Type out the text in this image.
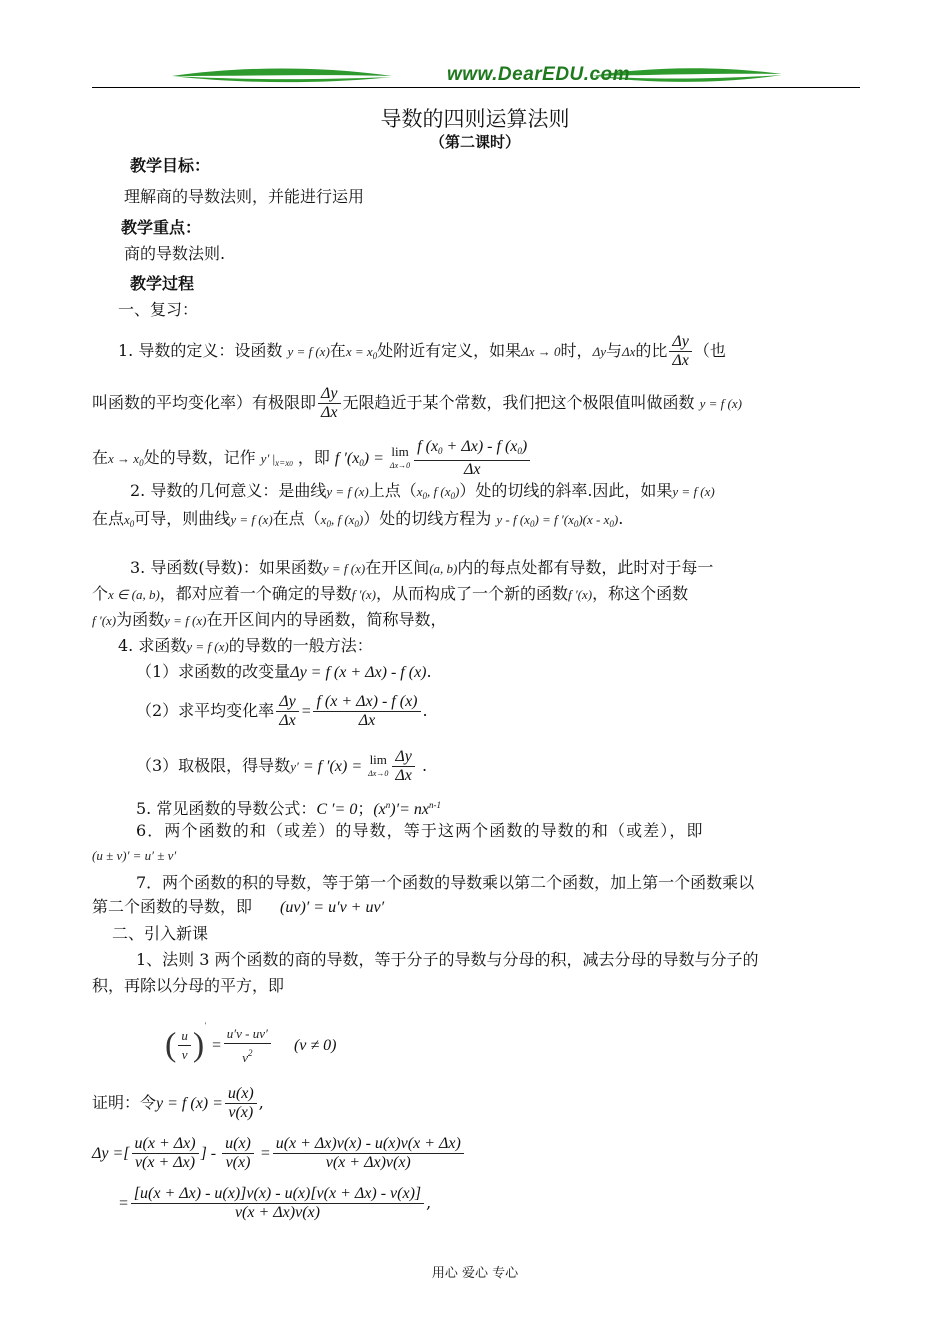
www.DearEDU.com
导数的四则运算法则
（第二课时）
教学目标：
理解商的导数法则，并能进行运用
教学重点：
商的导数法则.
教学过程
一、复习：
1. 导数的定义：设函数 y = f (x)在$x = x_0$处附近有定义，如果Δx → 0时，Δy与Δx的比 $\frac{\Delta y}{\Delta x}$ （也
叫函数的平均变化率）有极限即 $\frac{\Delta y}{\Delta x}$ 无限趋近于某个常数，我们把这个极限值叫做函数 y = f (x)
在$x \to x_0$处的导数，记作 y′ $|_{x=x0}$ ，即 f $'(x_0) = \lim$
$\Delta x\to 0 \frac{f (x_0 + \Delta x) - f (x_0)}{\Delta x}$
2. 导数的几何意义：是曲线y = f (x)上点（$x_0$, f $(x_0)$）处的切线的斜率.因此，如果y = f (x)
在点$x_0$可导，则曲线y = f (x)在点（$x_0$, f $(x_0)$）处的切线方程为 y - f $(x_0) = f$ $'(x_0)(x - x_0)$.
3. 导函数(导数)：如果函数y = f (x)在开区间(a, b)内的每点处都有导数，此时对于每一
个x ∈ (a, b)，都对应着一个确定的导数f ′(x)，从而构成了一个新的函数f ′(x)，称这个函数
f ′(x)为函数y = f (x)在开区间内的导函数，简称导数，
4. 求函数y = f (x)的导数的一般方法：
（1）求函数的改变量Δy = f (x + Δx) - f (x).
（2）求平均变化率 $\frac{\Delta y}{\Delta x} = \frac{f (x + \Delta x) - f (x)}{\Delta x}$ .
（3）取极限，得导数y′ = f ′(x) = lim
$\Delta x\to 0 \frac{\Delta y}{\Delta x}$ .
5. 常见函数的导数公式：C ′= 0；$(x^n)'= nx^{n-1}$
6．两个函数的和（或差）的导数，等于这两个函数的导数的和（或差），即
(u ± v)′ = u′ ± v′
7．两个函数的积的导数，等于第一个函数的导数乘以第二个函数，加上第一个函数乘以
第二个函数的导数，即 (uv)′ = u′v + uv′
二、引入新课
1、法则 3 两个函数的商的导数，等于分子的导数与分母的积，减去分母的导数与分子的
积，再除以分母的平方，即
( $\frac{u}{v} )' = \frac{u'v - uv'}{v^2} (v \ne 0)$
证明：令y = f $(x) = \frac{u(x)}{v(x)}$ ,
Δy =[ $\frac{u(x + \Delta x)}{v(x + \Delta x)}$ ] - $\frac{u(x)}{v(x)} = \frac{u(x + \Delta x)v(x) - u(x)v(x + \Delta x)}{v(x + \Delta x)v(x)}$
= $\frac{[u(x + \Delta x) - u(x)]v(x) - u(x)[v(x + \Delta x) - v(x)]}{v(x + \Delta x)v(x)}$ ,
用心 爱心 专心
